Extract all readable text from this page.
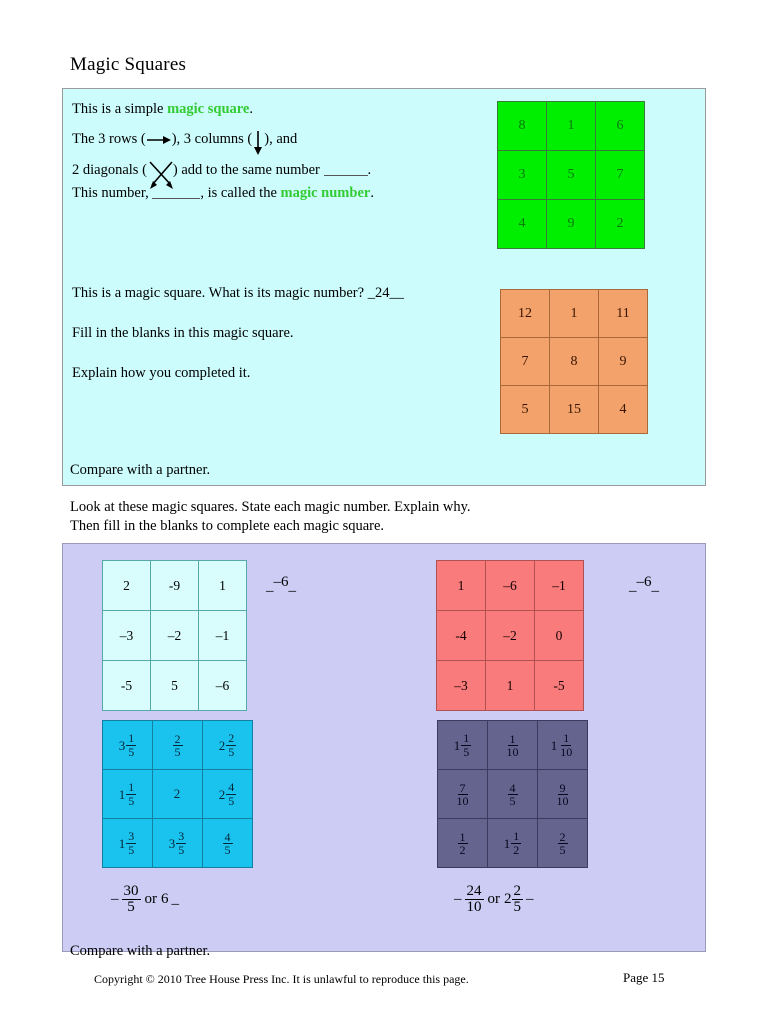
Magic Squares
This is a simple magic square.
The 3 rows ( ), 3 columns ( ), and
2 diagonals ( ) add to the same number	.
This number,	, is called the magic number.
This is a magic square. What is its magic number? _24__
Fill in the blanks in this magic square.
Explain how you completed it.
Compare with a partner.
8	1	6
3	5	7
4	9	2
12	1	11
7	8	9
5	15	4
Look at these magic squares. State each magic number. Explain why.
Then fill in the blanks to complete each magic square.
2	-9	1
–3	–2	–1
-5	5	–6
1	–6	–1
-4	–2	0
–3	1	-5
$3 \frac{1}{5}$	$\frac{2}{5}$	$2 \frac{2}{5}$

$1 \frac{1}{5}$	2	$2 \frac{4}{5}$

$1 \frac{3}{5}$	$3 \frac{3}{5}$	$\frac{4}{5}$
$1 \frac{1}{5}$	$\frac{1}{10}$	$1 \frac{1}{10}$

$\frac{7}{10}$	$\frac{4}{5}$	$\frac{9}{10}$

$\frac{1}{2}$	$1 \frac{1}{2}$	$\frac{2}{5}$
_–6_	_–6_
– $\frac{30}{5}$ or 6 _	– $\frac{24}{10}$ or $2 \frac{2}{5}$ –
Compare with a partner.
Copyright © 2010 Tree House Press Inc. It is unlawful to reproduce this page.	Page 15
